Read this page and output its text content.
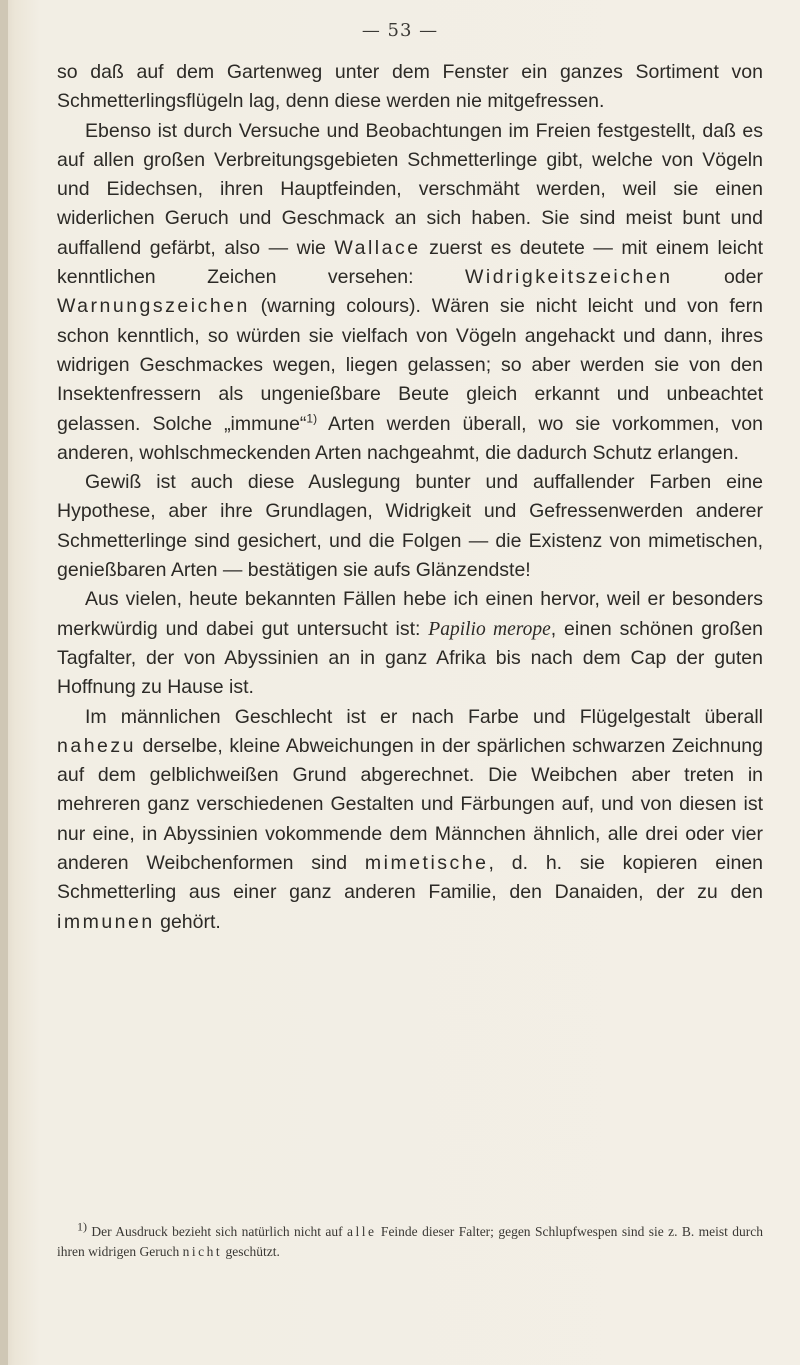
— 53 —

so daß auf dem Gartenweg unter dem Fenster ein ganzes Sortiment von Schmetterlingsflügeln lag, denn diese werden nie mitgefressen.

Ebenso ist durch Versuche und Beobachtungen im Freien festgestellt, daß es auf allen großen Verbreitungsgebieten Schmetterlinge gibt, welche von Vögeln und Eidechsen, ihren Hauptfeinden, verschmäht werden, weil sie einen widerlichen Geruch und Geschmack an sich haben. Sie sind meist bunt und auffallend gefärbt, also — wie Wallace zuerst es deutete — mit einem leicht kenntlichen Zeichen versehen: Widrigkeitszeichen oder Warnungszeichen (warning colours). Wären sie nicht leicht und von fern schon kenntlich, so würden sie vielfach von Vögeln angehackt und dann, ihres widrigen Geschmackes wegen, liegen gelassen; so aber werden sie von den Insektenfressern als ungenießbare Beute gleich erkannt und unbeachtet gelassen. Solche „immune“$^{1)}$ Arten werden überall, wo sie vorkommen, von anderen, wohlschmeckenden Arten nachgeahmt, die dadurch Schutz erlangen.

Gewiß ist auch diese Auslegung bunter und auffallender Farben eine Hypothese, aber ihre Grundlagen, Widrigkeit und Gefressenwerden anderer Schmetterlinge sind gesichert, und die Folgen — die Existenz von mimetischen, genießbaren Arten — bestätigen sie aufs Glänzendste!

Aus vielen, heute bekannten Fällen hebe ich einen hervor, weil er besonders merkwürdig und dabei gut untersucht ist: Papilio merope, einen schönen großen Tagfalter, der von Abyssinien an in ganz Afrika bis nach dem Cap der guten Hoffnung zu Hause ist.

Im männlichen Geschlecht ist er nach Farbe und Flügelgestalt überall nahezu derselbe, kleine Abweichungen in der spärlichen schwarzen Zeichnung auf dem gelblichweißen Grund abgerechnet. Die Weibchen aber treten in mehreren ganz verschiedenen Gestalten und Färbungen auf, und von diesen ist nur eine, in Abyssinien vokommende dem Männchen ähnlich, alle drei oder vier anderen Weibchenformen sind mimetische, d. h. sie kopieren einen Schmetterling aus einer ganz anderen Familie, den Danaiden, der zu den immunen gehört.

$^{1)}$ Der Ausdruck bezieht sich natürlich nicht auf alle Feinde dieser Falter; gegen Schlupfwespen sind sie z. B. meist durch ihren widrigen Geruch nicht geschützt.
